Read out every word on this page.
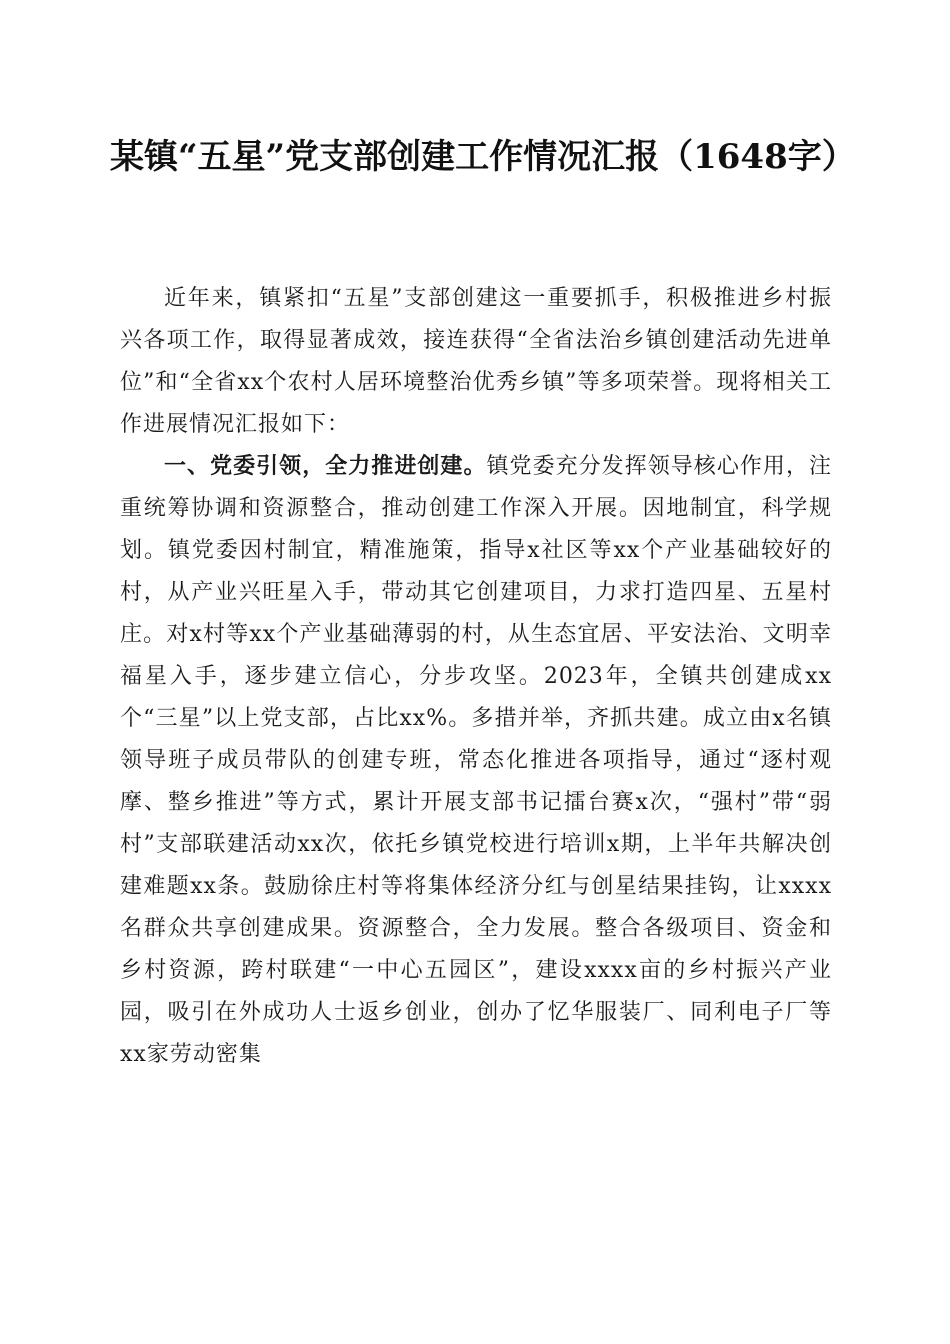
某镇“五星”党支部创建工作情况汇报（1648字）

近年来，镇紧扣“五星”支部创建这一重要抓手，积极推进乡村振兴各项工作，取得显著成效，接连获得“全省法治乡镇创建活动先进单位”和“全省xx个农村人居环境整治优秀乡镇”等多项荣誉。现将相关工作进展情况汇报如下：

一、党委引领，全力推进创建。镇党委充分发挥领导核心作用，注重统筹协调和资源整合，推动创建工作深入开展。因地制宜，科学规划。镇党委因村制宜，精准施策，指导x社区等xx个产业基础较好的村，从产业兴旺星入手，带动其它创建项目，力求打造四星、五星村庄。对x村等xx个产业基础薄弱的村，从生态宜居、平安法治、文明幸福星入手，逐步建立信心，分步攻坚。2023年，全镇共创建成xx个“三星”以上党支部，占比xx%。多措并举，齐抓共建。成立由x名镇领导班子成员带队的创建专班，常态化推进各项指导，通过“逐村观摩、整乡推进”等方式，累计开展支部书记擂台赛x次，“强村”带“弱村”支部联建活动xx次，依托乡镇党校进行培训x期，上半年共解决创建难题xx条。鼓励徐庄村等将集体经济分红与创星结果挂钩，让xxxx名群众共享创建成果。资源整合，全力发展。整合各级项目、资金和乡村资源，跨村联建“一中心五园区”，建设xxxx亩的乡村振兴产业园，吸引在外成功人士返乡创业，创办了忆华服装厂、同利电子厂等xx家劳动密集
